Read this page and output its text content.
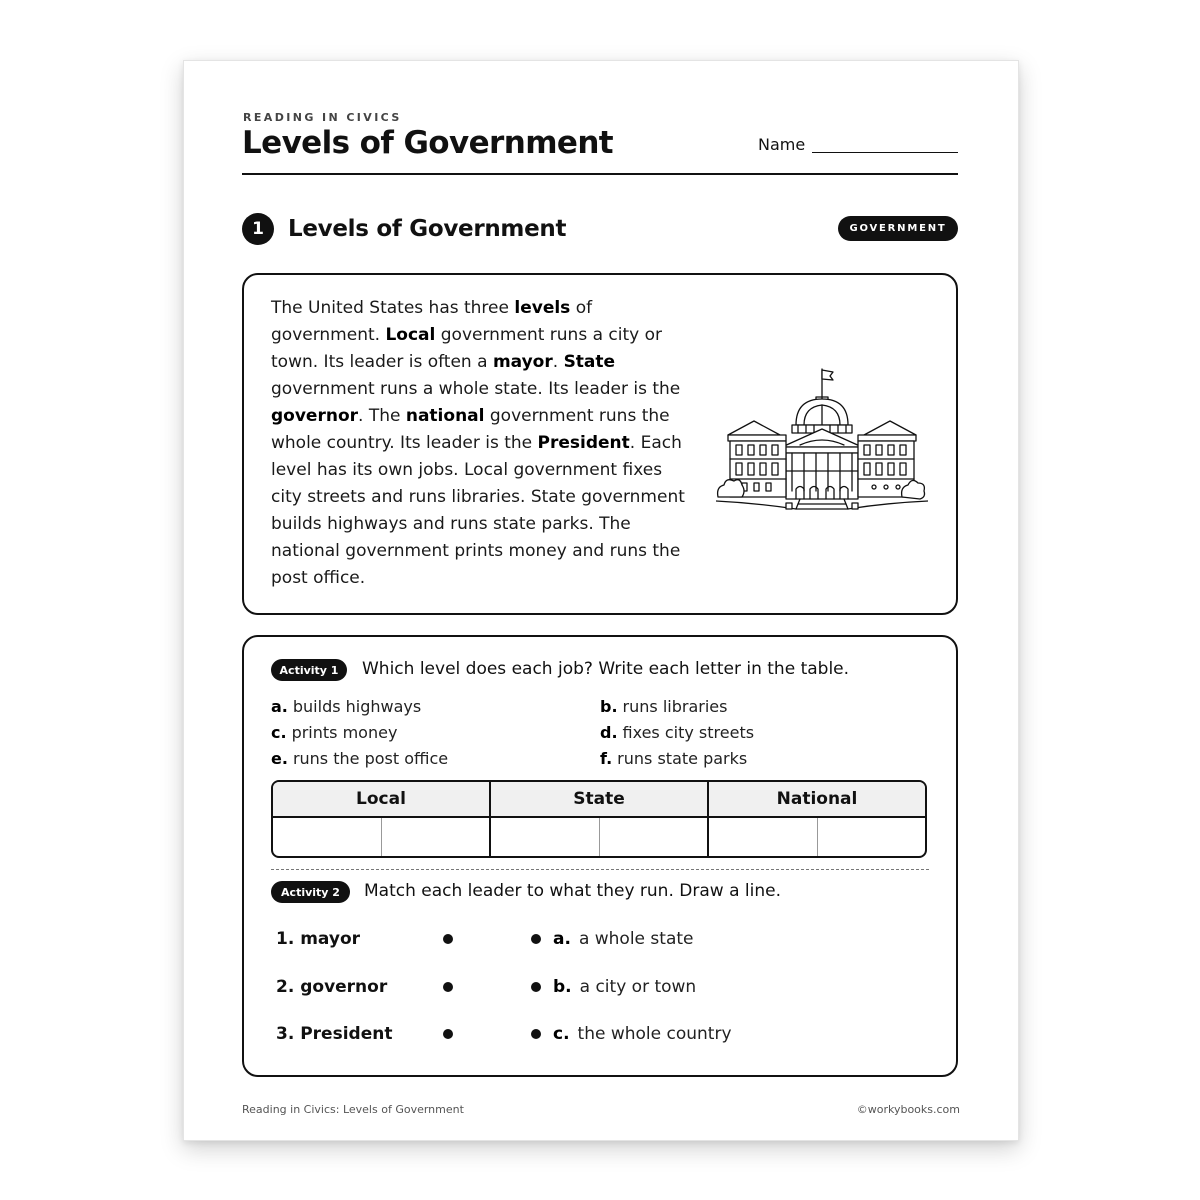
READING IN CIVICS
Levels of Government	Name
1	Levels of Government	GOVERNMENT
The United States has three levels of government. Local government runs a city or town. Its leader is often a mayor. State government runs a whole state. Its leader is the governor. The national government runs the whole country. Its leader is the President. Each level has its own jobs. Local government fixes city streets and runs libraries. State government builds highways and runs state parks. The national government prints money and runs the post office.
Activity 1	Which level does each job? Write each letter in the table.
a. builds highways	b. runs libraries
c. prints money	d. fixes city streets
e. runs the post office	f. runs state parks
Local	State	National
Activity 2	Match each leader to what they run. Draw a line.
1. mayor	a. a whole state
2. governor	b. a city or town
3. President	c. the whole country
Reading in Civics: Levels of Government	©workybooks.com
